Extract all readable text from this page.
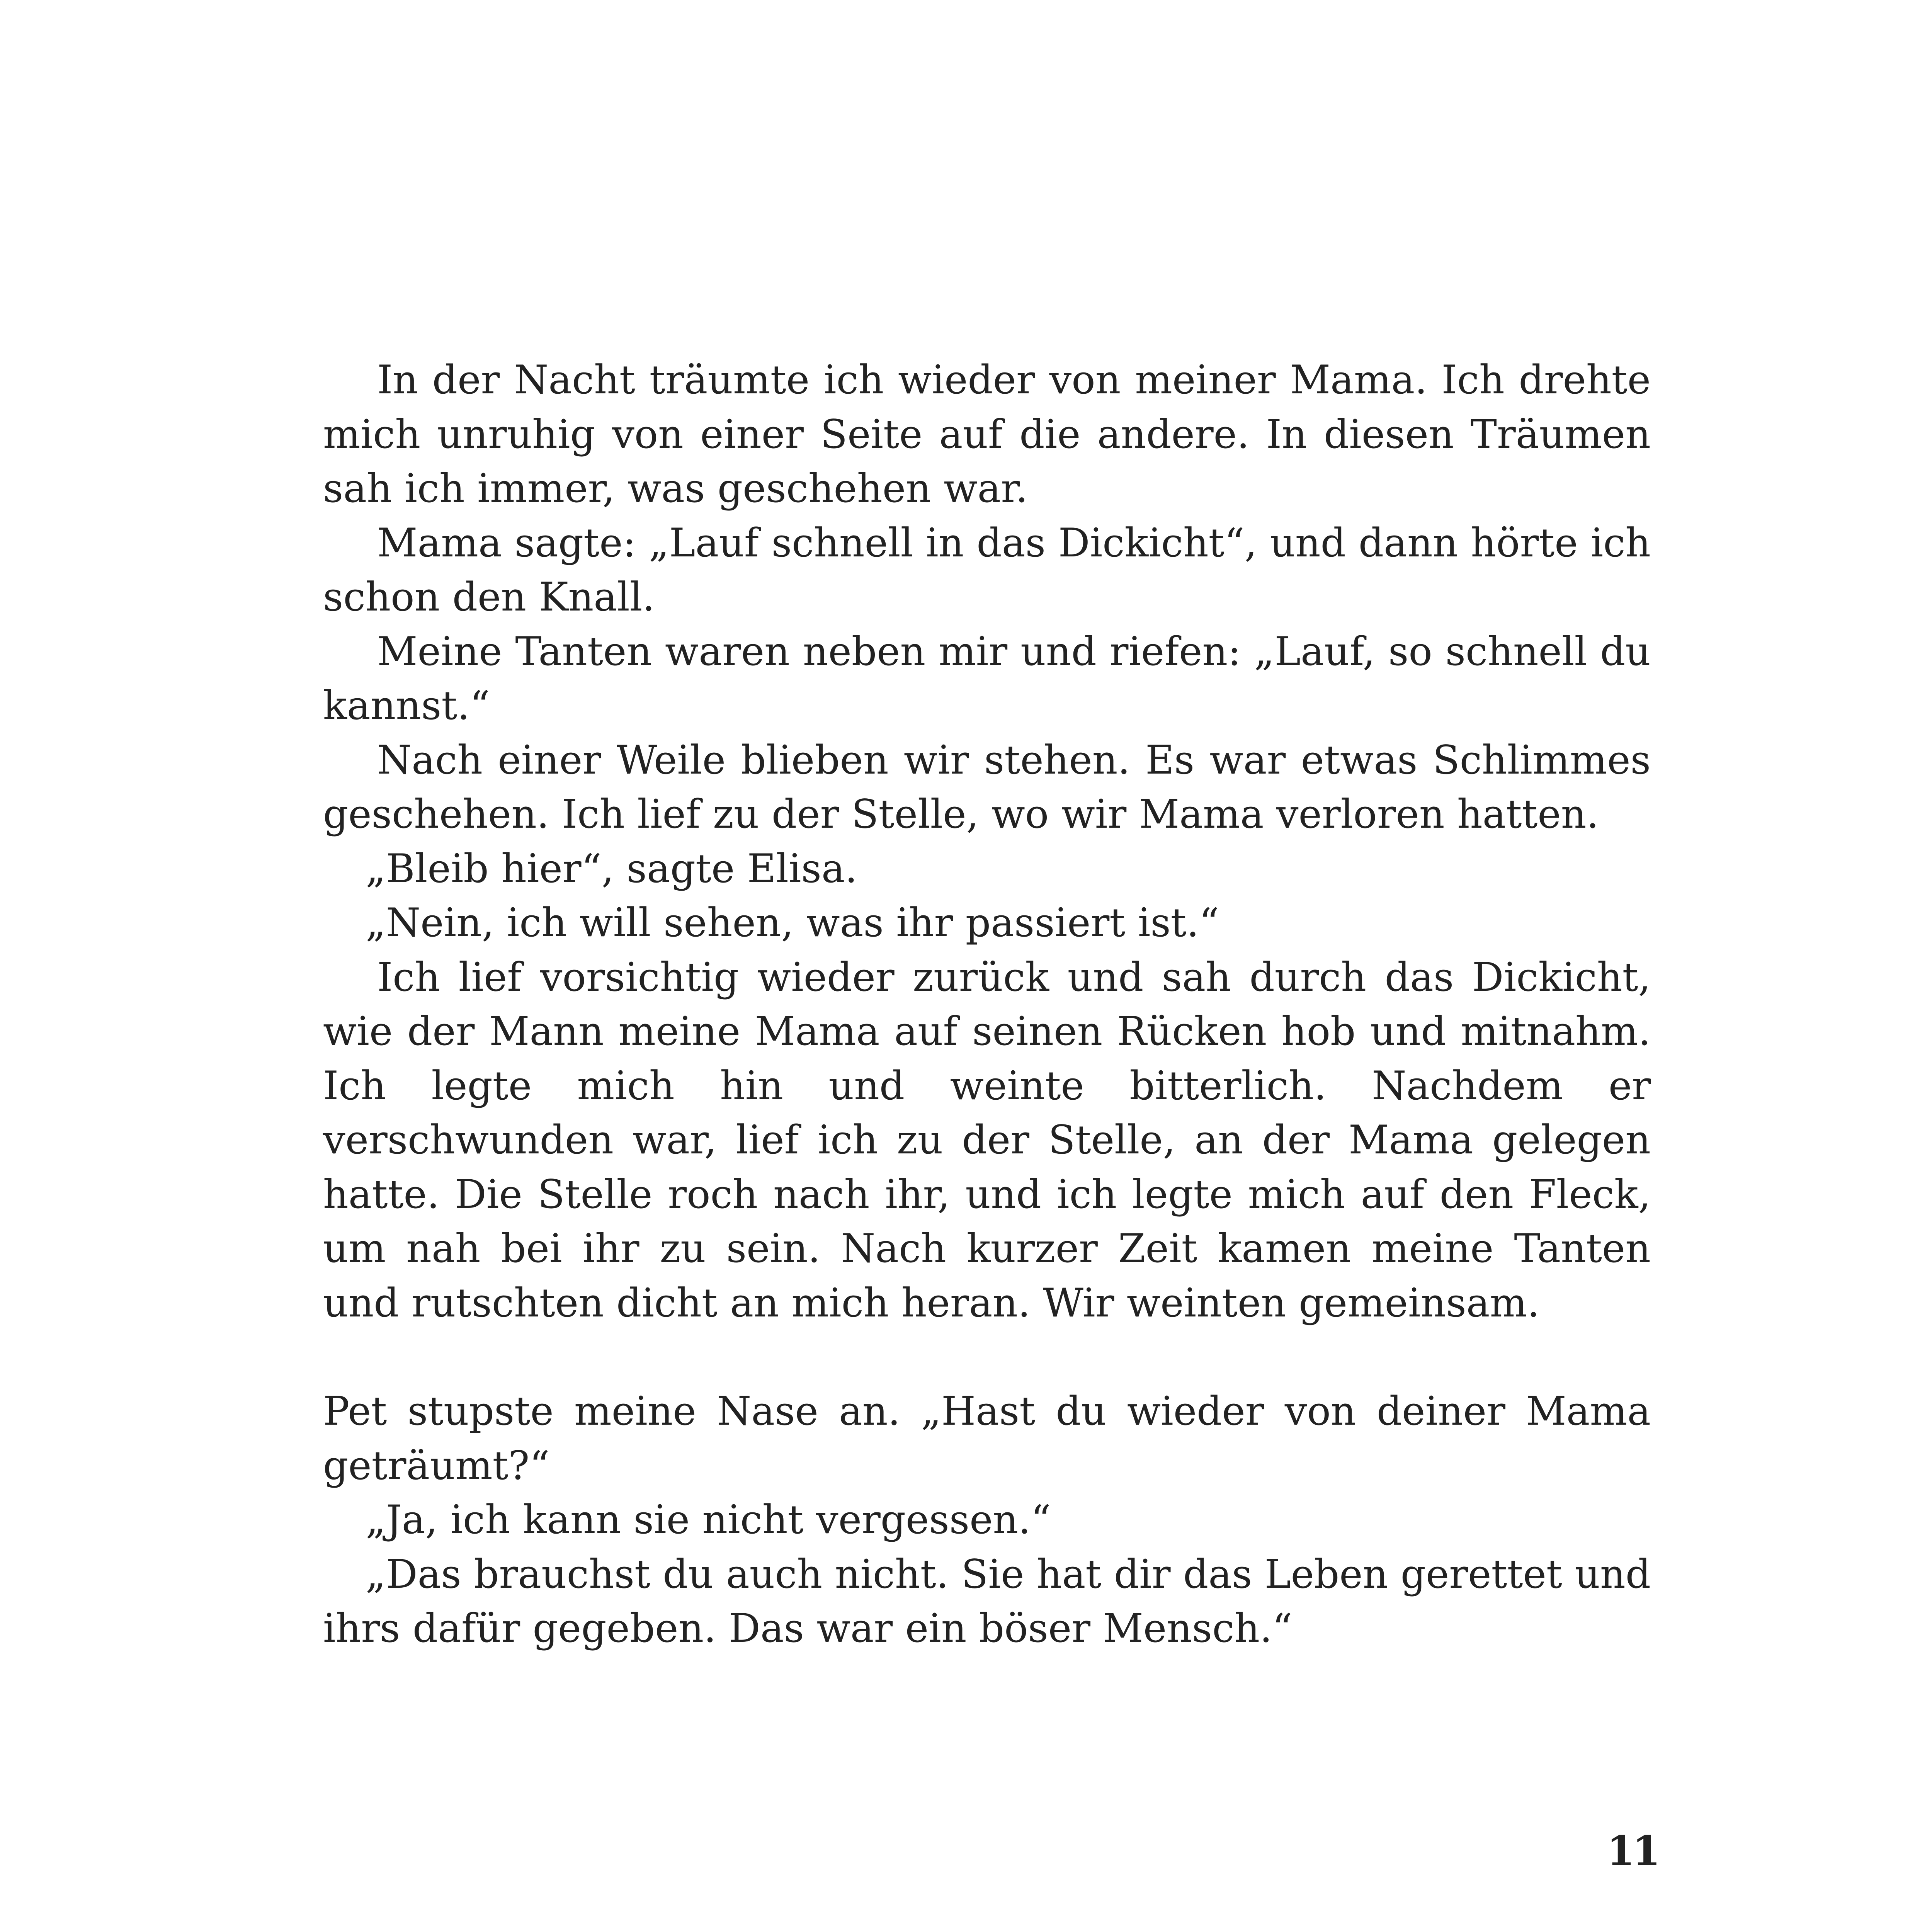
In der Nacht träumte ich wieder von meiner Mama. Ich drehte mich unruhig von einer Seite auf die andere. In diesen Träumen sah ich immer, was geschehen war.

Mama sagte: „Lauf schnell in das Dickicht“, und dann hörte ich schon den Knall.

Meine Tanten waren neben mir und riefen: „Lauf, so schnell du kannst.“

Nach einer Weile blieben wir stehen. Es war etwas Schlimmes geschehen. Ich lief zu der Stelle, wo wir Mama verloren hatten.

„Bleib hier“, sagte Elisa.

„Nein, ich will sehen, was ihr passiert ist.“

Ich lief vorsichtig wieder zurück und sah durch das Dickicht, wie der Mann meine Mama auf seinen Rücken hob und mitnahm. Ich legte mich hin und weinte bitterlich. Nachdem er verschwunden war, lief ich zu der Stelle, an der Mama gelegen hatte. Die Stelle roch nach ihr, und ich legte mich auf den Fleck, um nah bei ihr zu sein. Nach kurzer Zeit kamen meine Tanten und rutschten dicht an mich heran. Wir weinten gemeinsam.

Pet stupste meine Nase an. „Hast du wieder von deiner Mama geträumt?“

„Ja, ich kann sie nicht vergessen.“

„Das brauchst du auch nicht. Sie hat dir das Leben gerettet und ihrs dafür gegeben. Das war ein böser Mensch.“

11
